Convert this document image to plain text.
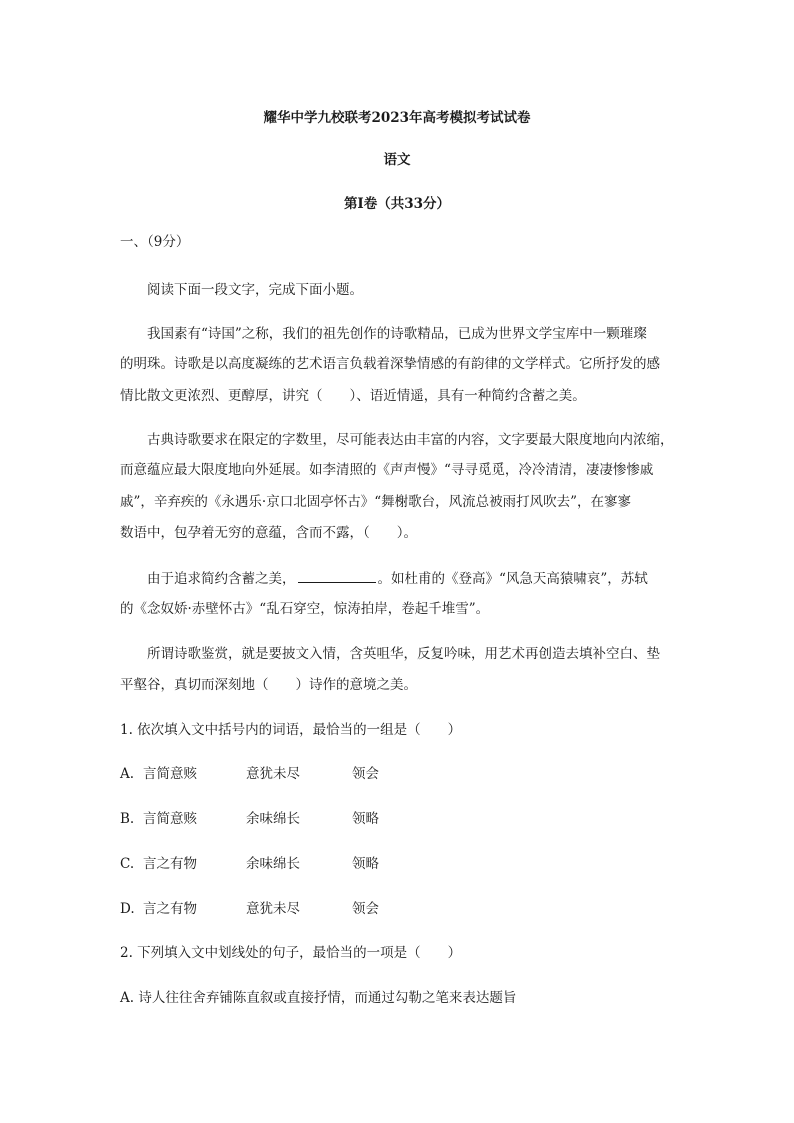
耀华中学九校联考2023年高考模拟考试试卷
语文
第Ⅰ卷（共33分）
一、（9分）
阅读下面一段文字，完成下面小题。
我国素有“诗国”之称，我们的祖先创作的诗歌精品，已成为世界文学宝库中一颗璀璨
的明珠。诗歌是以高度凝练的艺术语言负载着深挚情感的有韵律的文学样式。它所抒发的感
情比散文更浓烈、更醇厚，讲究（　　）、语近情遥，具有一种简约含蓄之美。
古典诗歌要求在限定的字数里，尽可能表达由丰富的内容，文字要最大限度地向内浓缩，
而意蕴应最大限度地向外延展。如李清照的《声声慢》“寻寻觅觅，冷冷清清，凄凄惨惨戚
戚”，辛弃疾的《永遇乐·京口北固亭怀古》“舞榭歌台，风流总被雨打风吹去”，在寥寥
数语中，包孕着无穷的意蕴，含而不露，（　　）。
由于追求简约含蓄之美，	。如杜甫的《登高》“风急天高猿啸哀”，苏轼
的《念奴娇·赤壁怀古》“乱石穿空，惊涛拍岸，卷起千堆雪”。
所谓诗歌鉴赏，就是要披文入情，含英咀华，反复吟味，用艺术再创造去填补空白、垫
平壑谷，真切而深刻地（　　）诗作的意境之美。
1. 依次填入文中括号内的词语，最恰当的一组是（　　）
A. 言简意赅	意犹未尽	领会
B. 言简意赅	余味绵长	领略
C. 言之有物	余味绵长	领略
D. 言之有物	意犹未尽	领会
2. 下列填入文中划线处的句子，最恰当的一项是（　　）
A. 诗人往往舍弃铺陈直叙或直接抒情，而通过勾勒之笔来表达题旨
